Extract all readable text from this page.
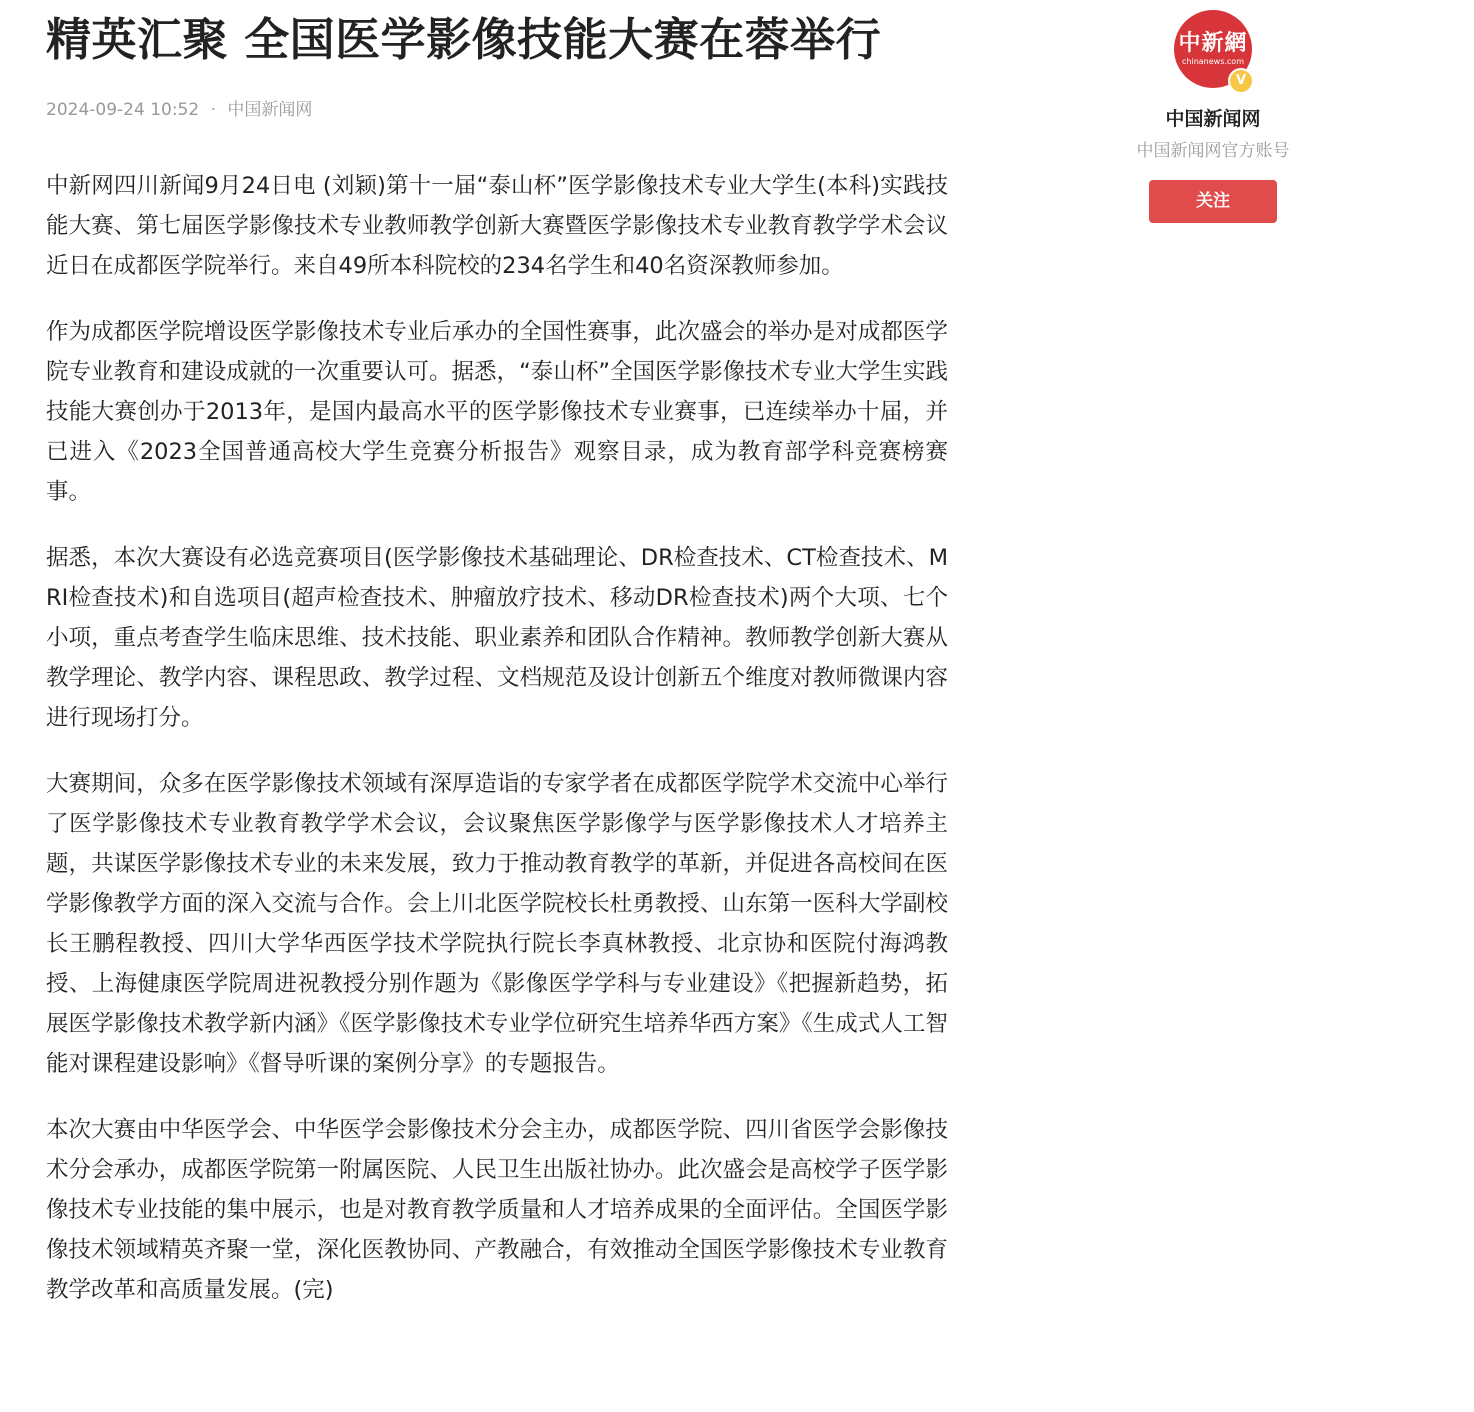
精英汇聚 全国医学影像技能大赛在蓉举行
2024-09-24 10:52 · 中国新闻网

中新网四川新闻9月24日电 (刘颖)第十一届“泰山杯”医学影像技术专业大学生(本科)实践技能大赛、第七届医学影像技术专业教师教学创新大赛暨医学影像技术专业教育教学学术会议近日在成都医学院举行。来自49所本科院校的234名学生和40名资深教师参加。

作为成都医学院增设医学影像技术专业后承办的全国性赛事，此次盛会的举办是对成都医学院专业教育和建设成就的一次重要认可。据悉，“泰山杯”全国医学影像技术专业大学生实践技能大赛创办于2013年，是国内最高水平的医学影像技术专业赛事，已连续举办十届，并已进入《2023全国普通高校大学生竞赛分析报告》观察目录，成为教育部学科竞赛榜赛事。

据悉，本次大赛设有必选竞赛项目(医学影像技术基础理论、DR检查技术、CT检查技术、MRI检查技术)和自选项目(超声检查技术、肿瘤放疗技术、移动DR检查技术)两个大项、七个小项，重点考查学生临床思维、技术技能、职业素养和团队合作精神。教师教学创新大赛从教学理论、教学内容、课程思政、教学过程、文档规范及设计创新五个维度对教师微课内容进行现场打分。

大赛期间，众多在医学影像技术领域有深厚造诣的专家学者在成都医学院学术交流中心举行了医学影像技术专业教育教学学术会议，会议聚焦医学影像学与医学影像技术人才培养主题，共谋医学影像技术专业的未来发展，致力于推动教育教学的革新，并促进各高校间在医学影像教学方面的深入交流与合作。会上川北医学院校长杜勇教授、山东第一医科大学副校长王鹏程教授、四川大学华西医学技术学院执行院长李真林教授、北京协和医院付海鸿教授、上海健康医学院周进祝教授分别作题为《影像医学学科与专业建设》《把握新趋势，拓展医学影像技术教学新内涵》《医学影像技术专业学位研究生培养华西方案》《生成式人工智能对课程建设影响》《督导听课的案例分享》的专题报告。

本次大赛由中华医学会、中华医学会影像技术分会主办，成都医学院、四川省医学会影像技术分会承办，成都医学院第一附属医院、人民卫生出版社协办。此次盛会是高校学子医学影像技术专业技能的集中展示，也是对教育教学质量和人才培养成果的全面评估。全国医学影像技术领域精英齐聚一堂，深化医教协同、产教融合，有效推动全国医学影像技术专业教育教学改革和高质量发展。(完)

中新網
chinanews.com
V
中国新闻网
中国新闻网官方账号
关注
